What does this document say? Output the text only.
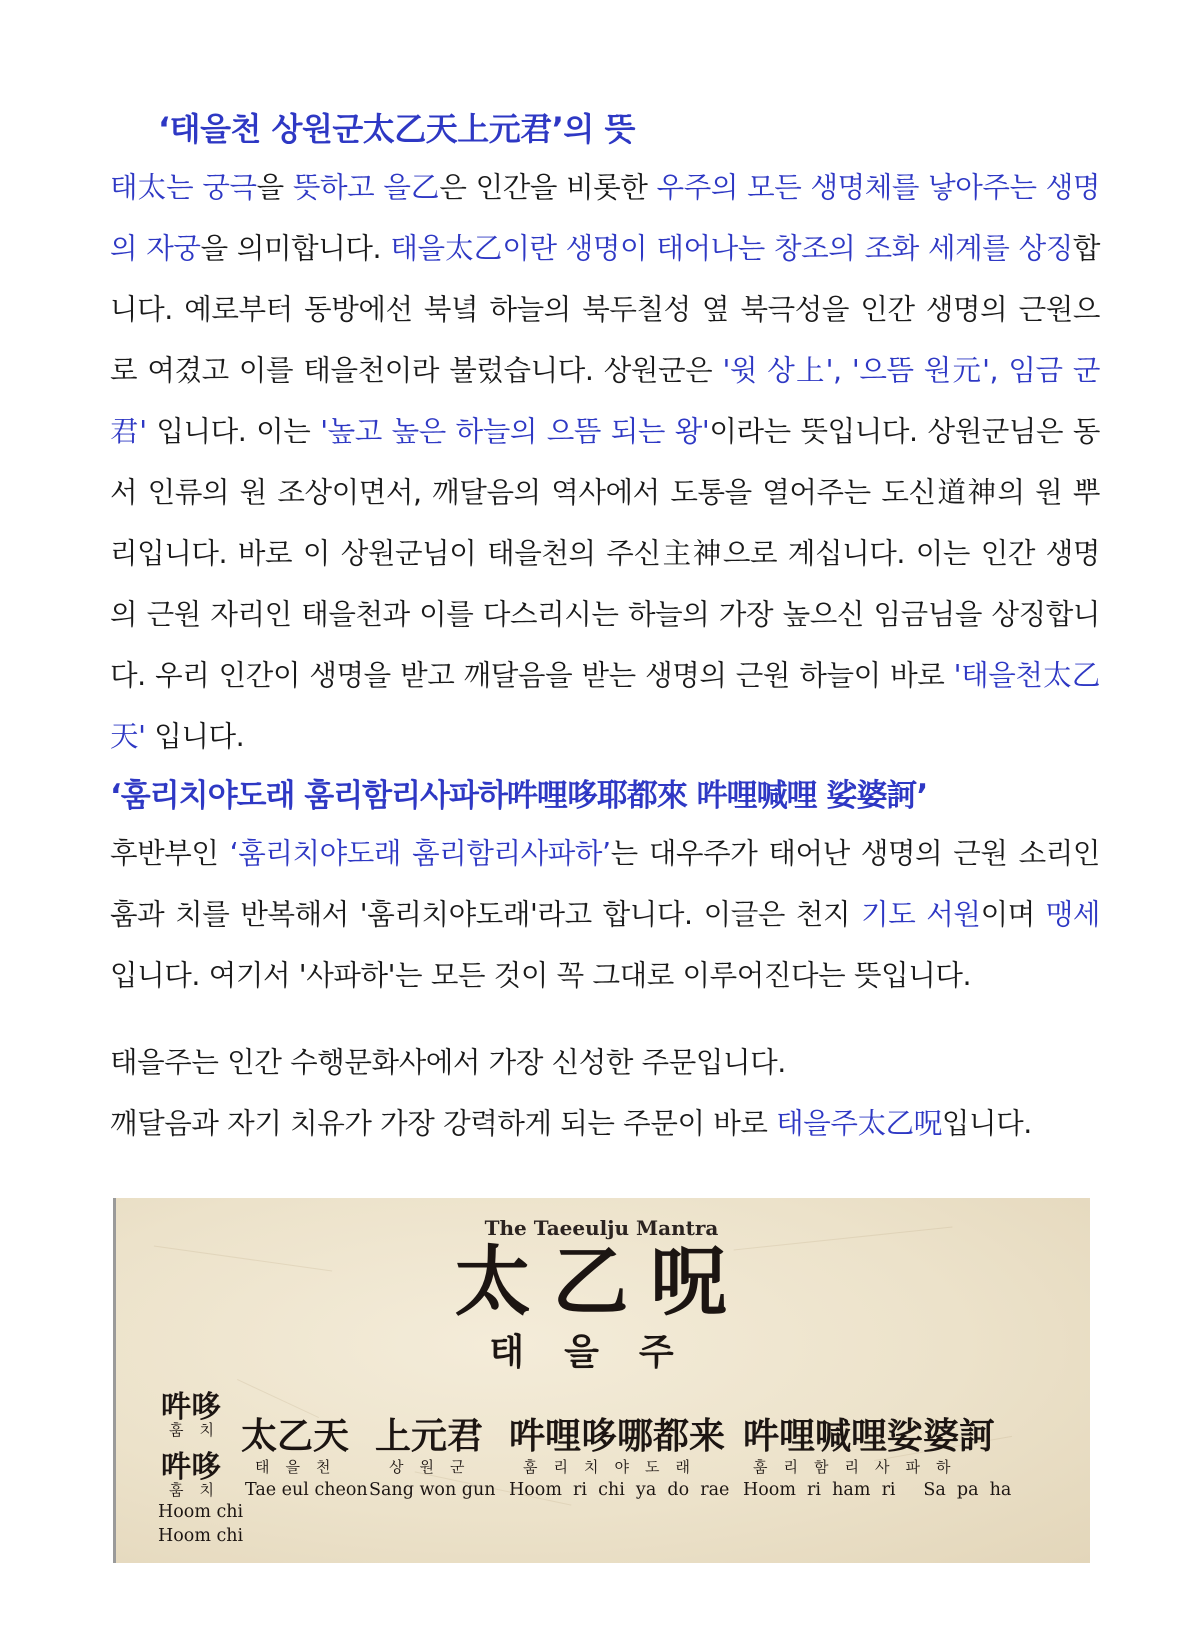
‘태을천 상원군太乙天上元君’의 뜻

태太는 궁극을 뜻하고 을乙은 인간을 비롯한 우주의 모든 생명체를 낳아주는 생명의 자궁을 의미합니다. 태을太乙이란 생명이 태어나는 창조의 조화 세계를 상징합니다. 예로부터 동방에선 북녘 하늘의 북두칠성 옆 북극성을 인간 생명의 근원으로 여겼고 이를 태을천이라 불렀습니다. 상원군은 '윗 상上', '으뜸 원元', 임금 군君' 입니다. 이는 '높고 높은 하늘의 으뜸 되는 왕'이라는 뜻입니다. 상원군님은 동서 인류의 원 조상이면서, 깨달음의 역사에서 도통을 열어주는 도신道神의 원 뿌리입니다. 바로 이 상원군님이 태을천의 주신主神으로 계십니다. 이는 인간 생명의 근원 자리인 태을천과 이를 다스리시는 하늘의 가장 높으신 임금님을 상징합니다. 우리 인간이 생명을 받고 깨달음을 받는 생명의 근원 하늘이 바로 '태을천太乙天' 입니다.

‘훔리치야도래 훔리함리사파하吽哩哆耶都來 吽哩喊哩 娑婆訶’

후반부인 ‘훔리치야도래 훔리함리사파하’는 대우주가 태어난 생명의 근원 소리인 훔과 치를 반복해서 '훔리치야도래'라고 합니다. 이글은 천지 기도 서원이며 맹세입니다. 여기서 '사파하'는 모든 것이 꼭 그대로 이루어진다는 뜻입니다.

태을주는 인간 수행문화사에서 가장 신성한 주문입니다.
깨달음과 자기 치유가 가장 강력하게 되는 주문이 바로 태을주太乙呪입니다.

The Taeeulju Mantra
太乙呪
태을주
吽哆
훔치
吽哆
훔치
Hoom chi
Hoom chi
太乙天
태을천
Tae eul cheon
上元君
상원군
Sang won gun
吽哩哆哪都来
훔리치야도래
Hoom  ri  chi  ya  do  rae
吽哩喊哩娑婆訶
훔리함리사파하
Hoom  ri  ham  ri     Sa  pa  ha
